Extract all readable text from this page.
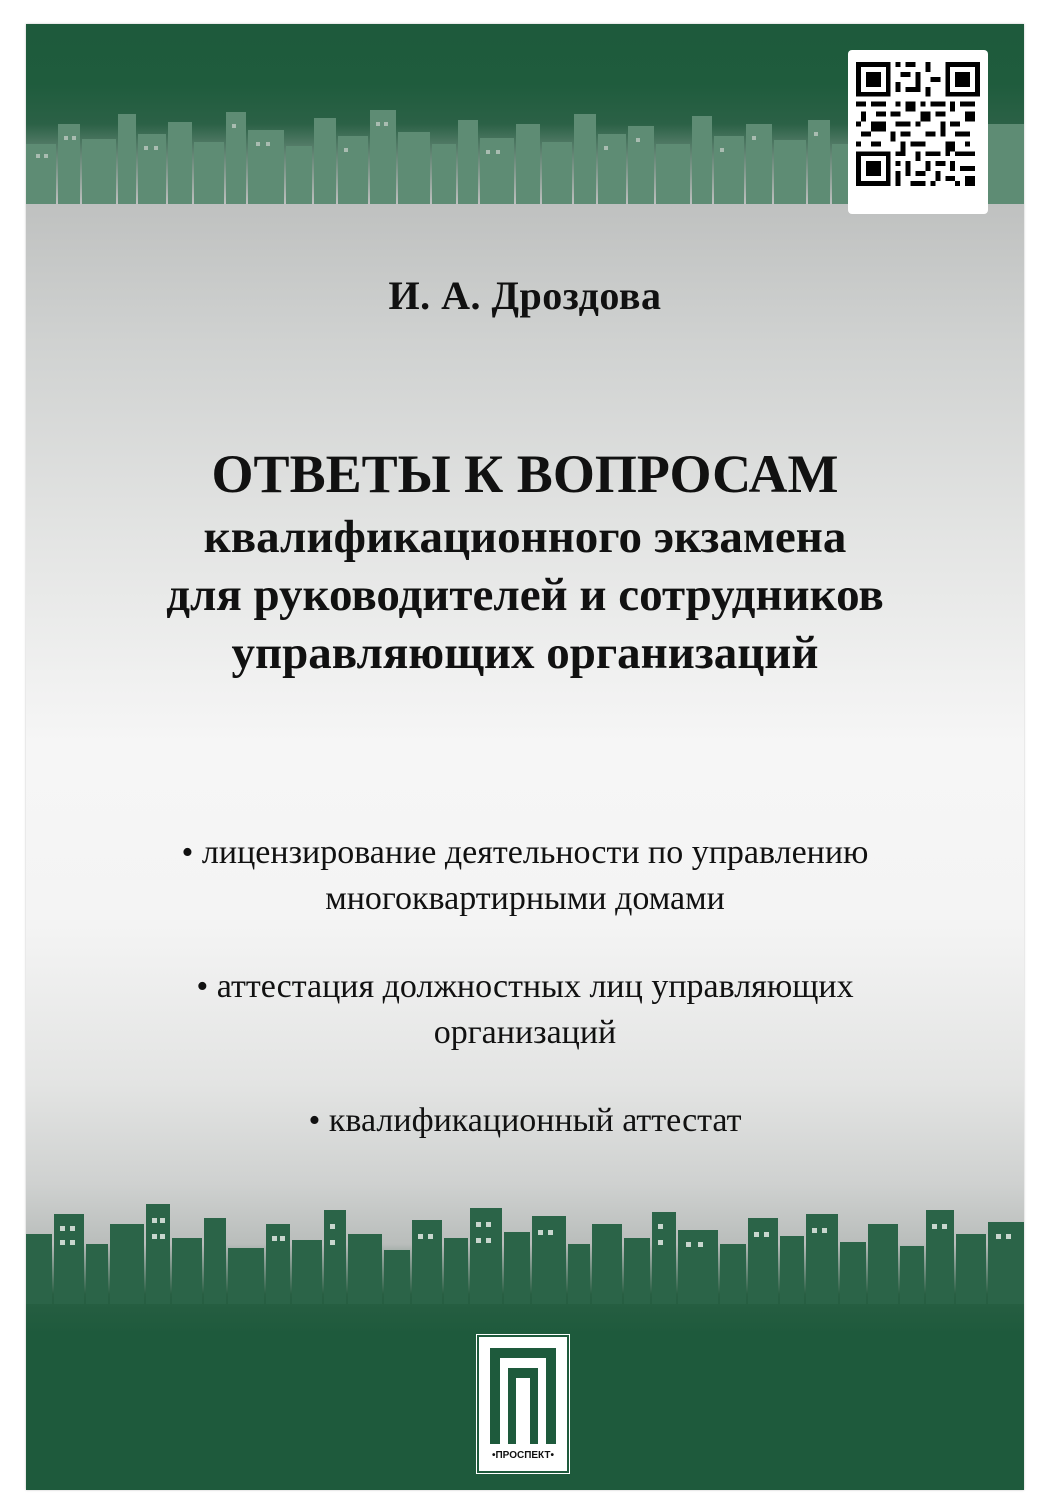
И. А. Дроздова
ОТВЕТЫ К ВОПРОСАМ
квалификационного экзамена
для руководителей и сотрудников
управляющих организаций
• лицензирование деятельности по управлению
многоквартирными домами
• аттестация должностных лиц управляющих
организаций
• квалификационный аттестат
•ПРОСПЕКТ•
